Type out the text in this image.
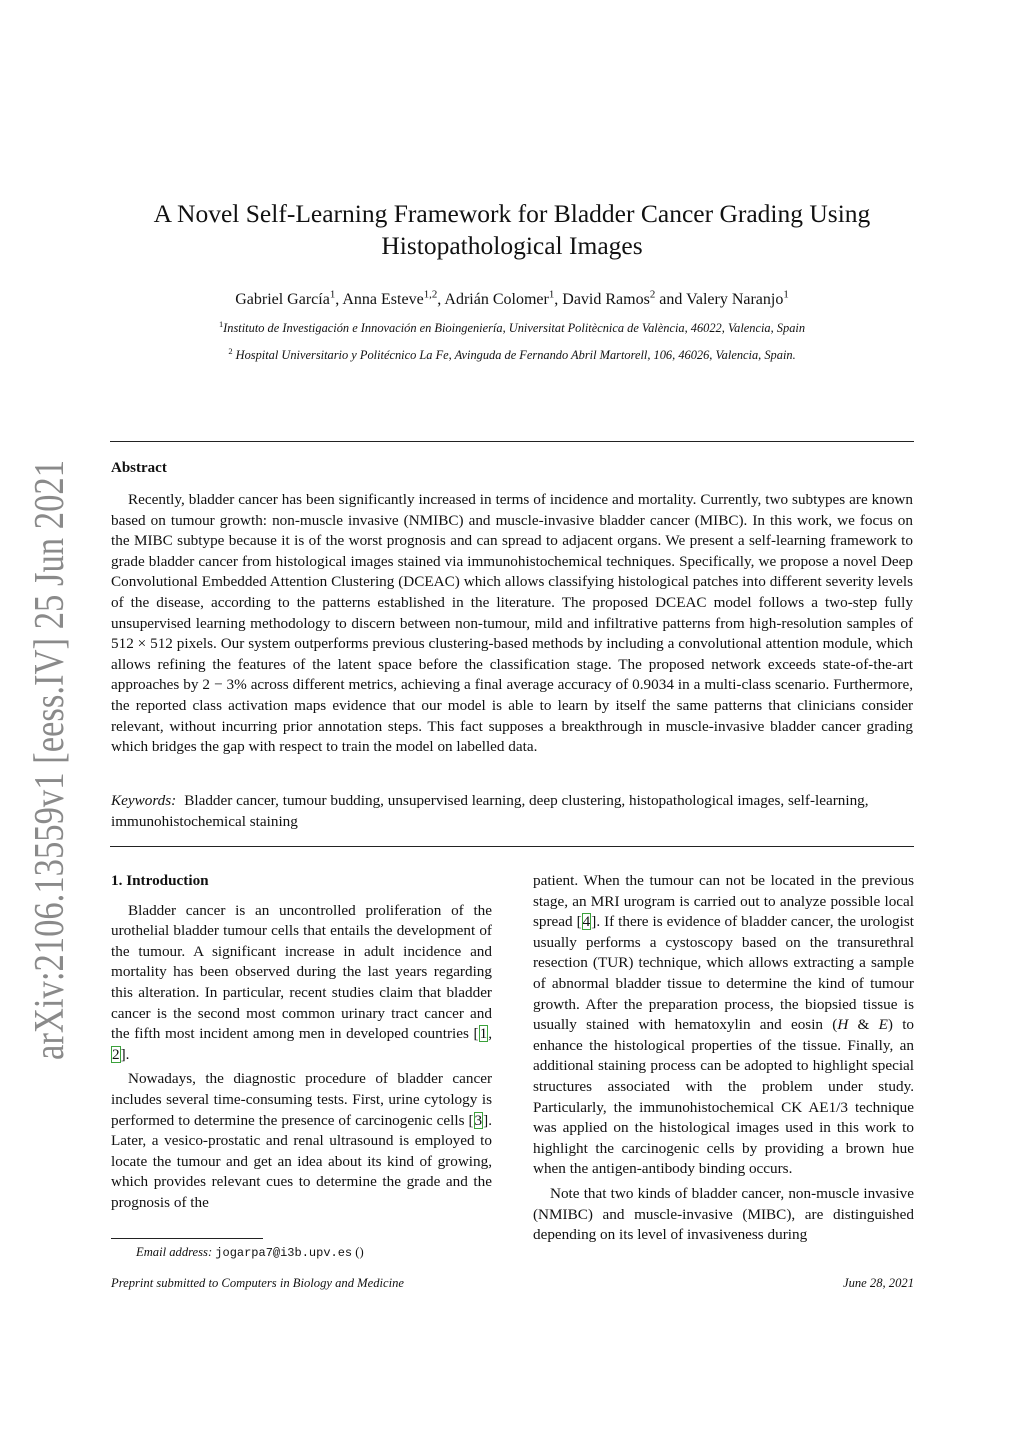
arXiv:2106.13559v1 [eess.IV] 25 Jun 2021
A Novel Self-Learning Framework for Bladder Cancer Grading Using
Histopathological Images
Gabriel García$^1$, Anna Esteve$^{1,2}$, Adrián Colomer$^1$, David Ramos$^2$ and Valery Naranjo$^1$
$^1$Instituto de Investigación e Innovación en Bioingeniería, Universitat Politècnica de València, 46022, Valencia, Spain
$^2$ Hospital Universitario y Politécnico La Fe, Avinguda de Fernando Abril Martorell, 106, 46026, Valencia, Spain.
Abstract
Recently, bladder cancer has been significantly increased in terms of incidence and mortality. Currently, two subtypes are known based on tumour growth: non-muscle invasive (NMIBC) and muscle-invasive bladder cancer (MIBC). In this work, we focus on the MIBC subtype because it is of the worst prognosis and can spread to adjacent organs. We present a self-learning framework to grade bladder cancer from histological images stained via immunohistochemical techniques. Specifically, we propose a novel Deep Convolutional Embedded Attention Clustering (DCEAC) which allows classifying histological patches into different severity levels of the disease, according to the patterns established in the literature. The proposed DCEAC model follows a two-step fully unsupervised learning methodology to discern between non-tumour, mild and infiltrative patterns from high-resolution samples of 512 × 512 pixels. Our system outperforms previous clustering-based methods by including a convolutional attention module, which allows refining the features of the latent space before the classification stage. The proposed network exceeds state-of-the-art approaches by 2 − 3% across different metrics, achieving a final average accuracy of 0.9034 in a multi-class scenario. Furthermore, the reported class activation maps evidence that our model is able to learn by itself the same patterns that clinicians consider relevant, without incurring prior annotation steps. This fact supposes a breakthrough in muscle-invasive bladder cancer grading which bridges the gap with respect to train the model on labelled data.
Keywords: Bladder cancer, tumour budding, unsupervised learning, deep clustering, histopathological images, self-learning, immunohistochemical staining
1. Introduction

Bladder cancer is an uncontrolled proliferation of the urothelial bladder tumour cells that entails the development of the tumour. A significant increase in adult incidence and mortality has been observed during the last years regarding this alteration. In particular, recent studies claim that bladder cancer is the second most common urinary tract cancer and the fifth most incident among men in developed countries [1, 2].

Nowadays, the diagnostic procedure of bladder cancer includes several time-consuming tests. First, urine cytology is performed to determine the presence of carcinogenic cells [3]. Later, a vesico-prostatic and renal ultrasound is employed to locate the tumour and get an idea about its kind of growing, which provides relevant cues to determine the grade and the prognosis of the

patient. When the tumour can not be located in the previous stage, an MRI urogram is carried out to analyze possible local spread [4]. If there is evidence of bladder cancer, the urologist usually performs a cystoscopy based on the transurethral resection (TUR) technique, which allows extracting a sample of abnormal bladder tissue to determine the kind of tumour growth. After the preparation process, the biopsied tissue is usually stained with hematoxylin and eosin (H & E) to enhance the histological properties of the tissue. Finally, an additional staining process can be adopted to highlight special structures associated with the problem under study. Particularly, the immunohistochemical CK AE1/3 technique was applied on the histological images used in this work to highlight the carcinogenic cells by providing a brown hue when the antigen-antibody binding occurs.

Note that two kinds of bladder cancer, non-muscle invasive (NMIBC) and muscle-invasive (MIBC), are distinguished depending on its level of invasiveness during

Email address: jogarpa7@i3b.upv.es ()
Preprint submitted to Computers in Biology and Medicine	June 28, 2021
